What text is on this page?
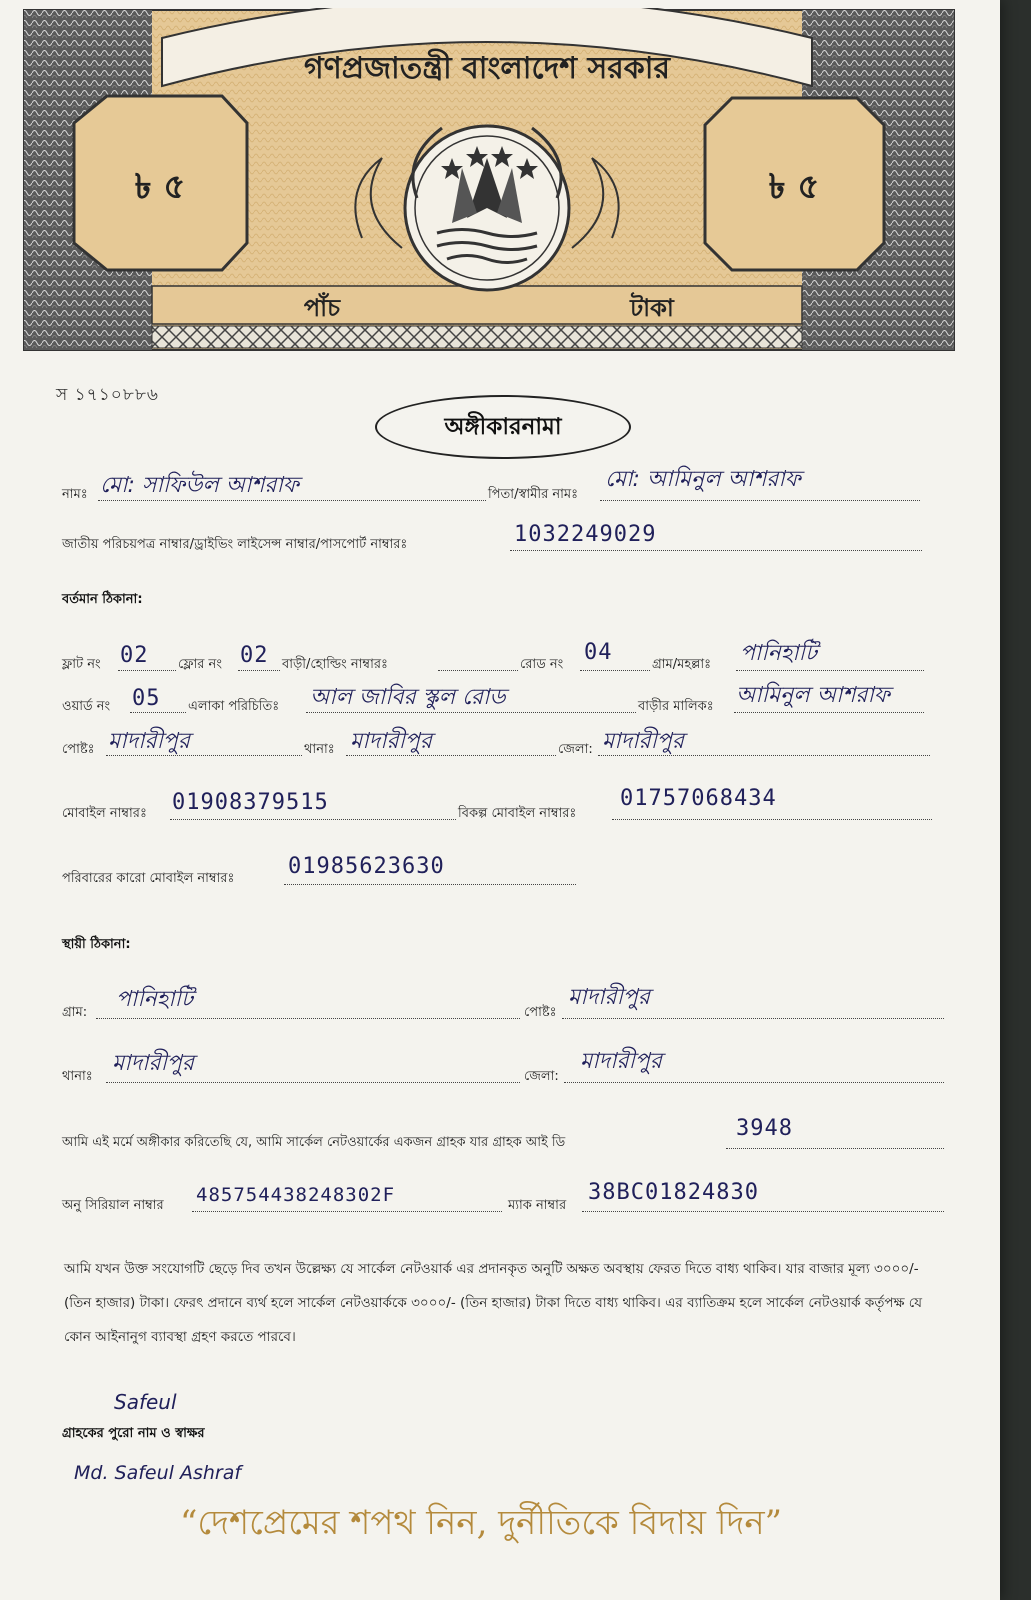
গণপ্রজাতন্ত্রী বাংলাদেশ সরকার
৳ ৫	৳ ৫
পাঁচ	টাকা
স ১৭১০৮৮৬
অঙ্গীকারনামা
নামঃ মো: সাফিউল আশরাফ	পিতা/স্বামীর নামঃ
মো: আমিনুল আশরাফ
জাতীয় পরিচয়পত্র নাম্বার/ড্রাইভিং লাইসেন্স নাম্বার/পাসপোর্ট নাম্বারঃ	1032249029
বর্তমান ঠিকানা:
ফ্লাট নং 02 ফ্লোর নং 02 বাড়ী/হোল্ডিং নাম্বারঃ	রোড নং 04	গ্রাম/মহল্লাঃ পানিহাটি
ওয়ার্ড নং 05 এলাকা পরিচিতিঃ আল জাবির স্কুল রোড	বাড়ীর মালিকঃ আমিনুল আশরাফ
পোষ্টঃ মাদারীপুর	থানাঃ মাদারীপুর	জেলা: মাদারীপুর
মোবাইল নাম্বারঃ 01908379515	বিকল্প মোবাইল নাম্বারঃ
01757068434
পরিবারের কারো মোবাইল নাম্বারঃ 01985623630
স্থায়ী ঠিকানা:
গ্রাম:
পানিহাটি
পোষ্টঃ
মাদারীপুর
থানাঃ
মাদারীপুর
জেলা:
মাদারীপুর
আমি এই মর্মে অঙ্গীকার করিতেছি যে, আমি সার্কেল নেটওয়ার্কের একজন গ্রাহক যার গ্রাহক আই ডি
3948
অনু সিরিয়াল নাম্বার 485754438248302F	ম্যাক নাম্বার
38BC01824830
আমি যখন উক্ত সংযোগটি ছেড়ে দিব তখন উল্লেক্ষ্য যে সার্কেল নেটওয়ার্ক এর প্রদানকৃত অনুটি অক্ষত অবস্থায় ফেরত দিতে বাধ্য থাকিব। যার বাজার মূল্য ৩০০০/- (তিন হাজার) টাকা। ফেরৎ প্রদানে ব্যর্থ হলে সার্কেল নেটওয়ার্ককে ৩০০০/- (তিন হাজার) টাকা দিতে বাধ্য থাকিব। এর ব্যাতিক্রম হলে সার্কেল নেটওয়ার্ক কর্তৃপক্ষ যে কোন আইনানুগ ব্যাবস্থা গ্রহণ করতে পারবে।
Safeul
গ্রাহকের পুরো নাম ও স্বাক্ষর
Md. Safeul Ashraf
“দেশপ্রেমের শপথ নিন, দুর্নীতিকে বিদায় দিন”
